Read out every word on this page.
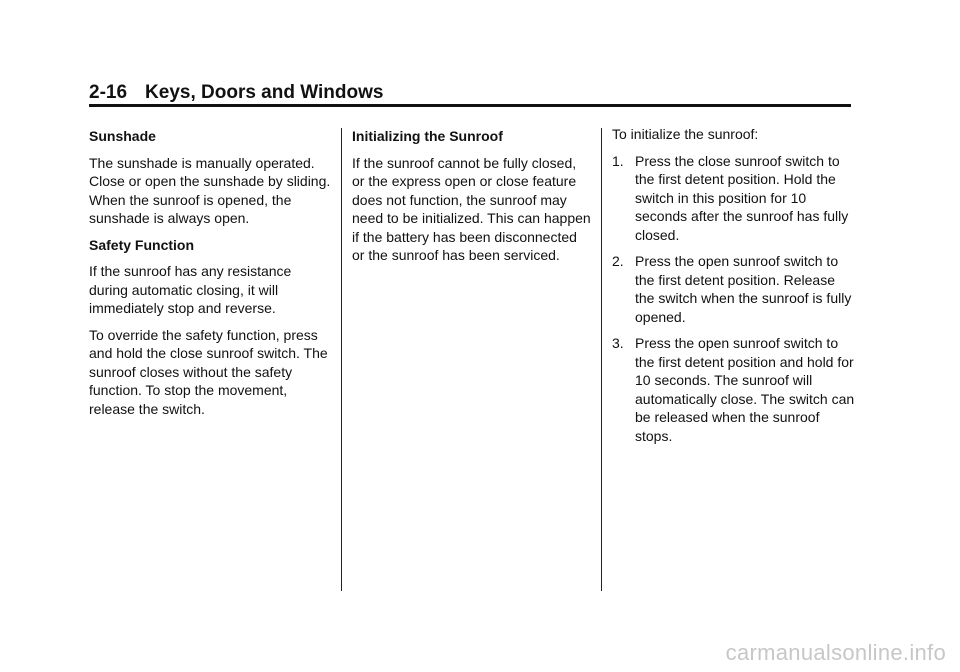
2-16 Keys, Doors and Windows
Sunshade

The sunshade is manually operated. Close or open the sunshade by sliding. When the sunroof is opened, the sunshade is always open.

Safety Function

If the sunroof has any resistance during automatic closing, it will immediately stop and reverse.

To override the safety function, press and hold the close sunroof switch. The sunroof closes without the safety function. To stop the movement, release the switch.

Initializing the Sunroof

If the sunroof cannot be fully closed, or the express open or close feature does not function, the sunroof may need to be initialized. This can happen if the battery has been disconnected or the sunroof has been serviced.

To initialize the sunroof:

1. Press the close sunroof switch to the first detent position. Hold the switch in this position for 10 seconds after the sunroof has fully closed.
2. Press the open sunroof switch to the first detent position. Release the switch when the sunroof is fully opened.
3. Press the open sunroof switch to the first detent position and hold for 10 seconds. The sunroof will automatically close. The switch can be released when the sunroof stops.
carmanualsonline.info
